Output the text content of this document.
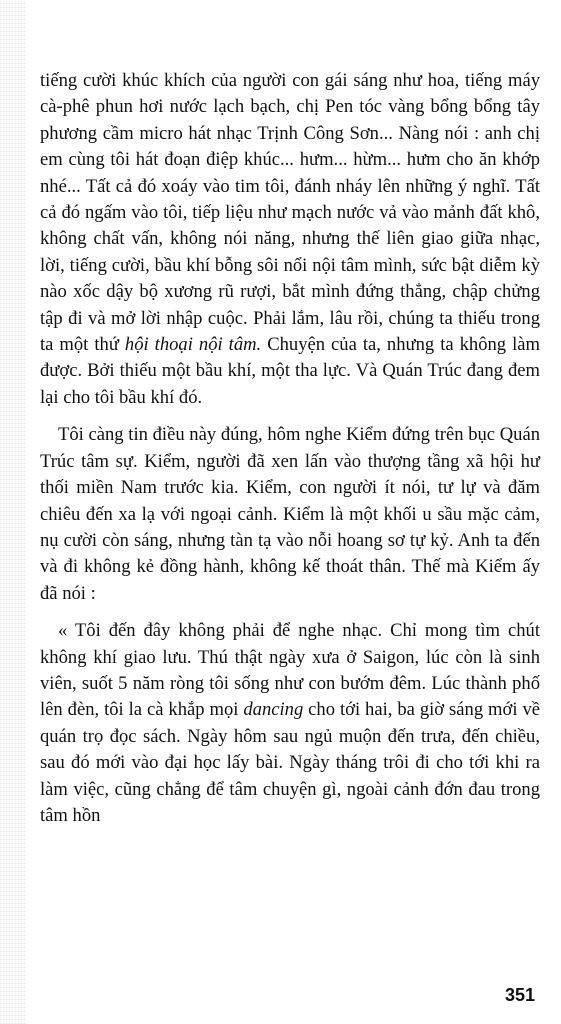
tiếng cười khúc khích của người con gái sáng như hoa, tiếng máy cà-phê phun hơi nước lạch bạch, chị Pen tóc vàng bổng bổng tây phương cầm micro hát nhạc Trịnh Công Sơn... Nàng nói : anh chị em cùng tôi hát đoạn điệp khúc... hưm... hừm... hưm cho ăn khớp nhé... Tất cả đó xoáy vào tim tôi, đánh nháy lên những ý nghĩ. Tất cả đó ngấm vào tôi, tiếp liệu như mạch nước vả vào mảnh đất khô, không chất vấn, không nói năng, nhưng thế liên giao giữa nhạc, lời, tiếng cười, bầu khí bỗng sôi nổi nội tâm mình, sức bật diễm kỳ nào xốc dậy bộ xương rũ rượi, bắt mình đứng thẳng, chập chửng tập đi và mở lời nhập cuộc. Phải lắm, lâu rồi, chúng ta thiếu trong ta một thứ hội thoại nội tâm. Chuyện của ta, nhưng ta không làm được. Bởi thiếu một bầu khí, một tha lực. Và Quán Trúc đang đem lại cho tôi bầu khí đó.

Tôi càng tin điều này đúng, hôm nghe Kiểm đứng trên bục Quán Trúc tâm sự. Kiểm, người đã xen lấn vào thượng tầng xã hội hư thối miền Nam trước kia. Kiểm, con người ít nói, tư lự và đăm chiêu đến xa lạ với ngoại cảnh. Kiểm là một khối u sầu mặc cảm, nụ cười còn sáng, nhưng tàn tạ vào nỗi hoang sơ tự kỷ. Anh ta đến và đi không kẻ đồng hành, không kế thoát thân. Thế mà Kiểm ấy đã nói :

« Tôi đến đây không phải để nghe nhạc. Chỉ mong tìm chút không khí giao lưu. Thú thật ngày xưa ở Saigon, lúc còn là sinh viên, suốt 5 năm ròng tôi sống như con bướm đêm. Lúc thành phố lên đèn, tôi la cà khắp mọi dancing cho tới hai, ba giờ sáng mới về quán trọ đọc sách. Ngày hôm sau ngủ muộn đến trưa, đến chiều, sau đó mới vào đại học lấy bài. Ngày tháng trôi đi cho tới khi ra làm việc, cũng chẳng để tâm chuyện gì, ngoài cảnh đớn đau trong tâm hồn

351
